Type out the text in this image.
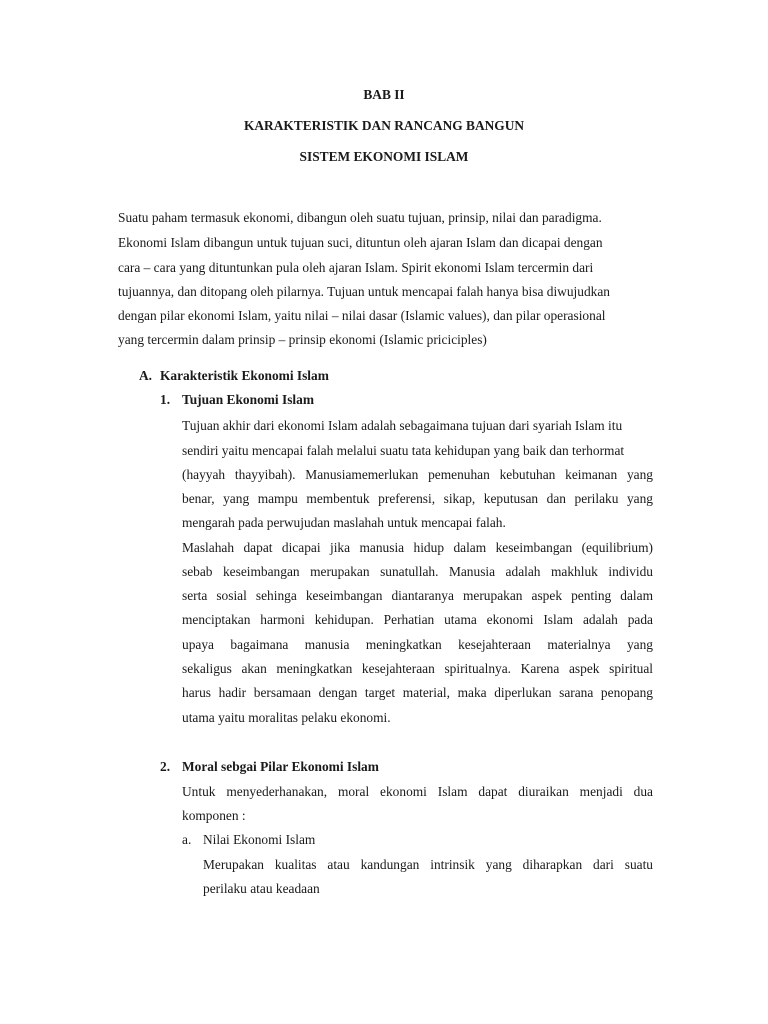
BAB II
KARAKTERISTIK DAN RANCANG BANGUN
SISTEM EKONOMI ISLAM
Suatu paham termasuk ekonomi, dibangun oleh suatu tujuan, prinsip, nilai dan paradigma.
Ekonomi Islam dibangun untuk tujuan suci, dituntun oleh ajaran Islam dan dicapai dengan
cara – cara yang dituntunkan pula oleh ajaran Islam. Spirit ekonomi Islam tercermin dari
tujuannya, dan ditopang oleh pilarnya. Tujuan untuk mencapai falah hanya bisa diwujudkan
dengan pilar ekonomi Islam, yaitu nilai – nilai dasar (Islamic values), dan pilar operasional
yang tercermin dalam prinsip – prinsip ekonomi (Islamic priciciples)
A. Karakteristik Ekonomi Islam
1. Tujuan Ekonomi Islam
Tujuan akhir dari ekonomi Islam adalah sebagaimana tujuan dari syariah Islam itu
sendiri yaitu mencapai falah melalui suatu tata kehidupan yang baik dan terhormat
(hayyah thayyibah). Manusiamemerlukan pemenuhan kebutuhan keimanan yang
benar, yang mampu membentuk preferensi, sikap, keputusan dan perilaku yang
mengarah pada perwujudan maslahah untuk mencapai falah.
Maslahah dapat dicapai jika manusia hidup dalam keseimbangan (equilibrium)
sebab keseimbangan merupakan sunatullah. Manusia adalah makhluk individu
serta sosial sehinga keseimbangan diantaranya merupakan aspek penting dalam
menciptakan harmoni kehidupan. Perhatian utama ekonomi Islam adalah pada
upaya bagaimana manusia meningkatkan kesejahteraan materialnya yang
sekaligus akan meningkatkan kesejahteraan spiritualnya. Karena aspek spiritual
harus hadir bersamaan dengan target material, maka diperlukan sarana penopang
utama yaitu moralitas pelaku ekonomi.
2. Moral sebgai Pilar Ekonomi Islam
Untuk menyederhanakan, moral ekonomi Islam dapat diuraikan menjadi dua
komponen :
a. Nilai Ekonomi Islam
Merupakan kualitas atau kandungan intrinsik yang diharapkan dari suatu
perilaku atau keadaan
